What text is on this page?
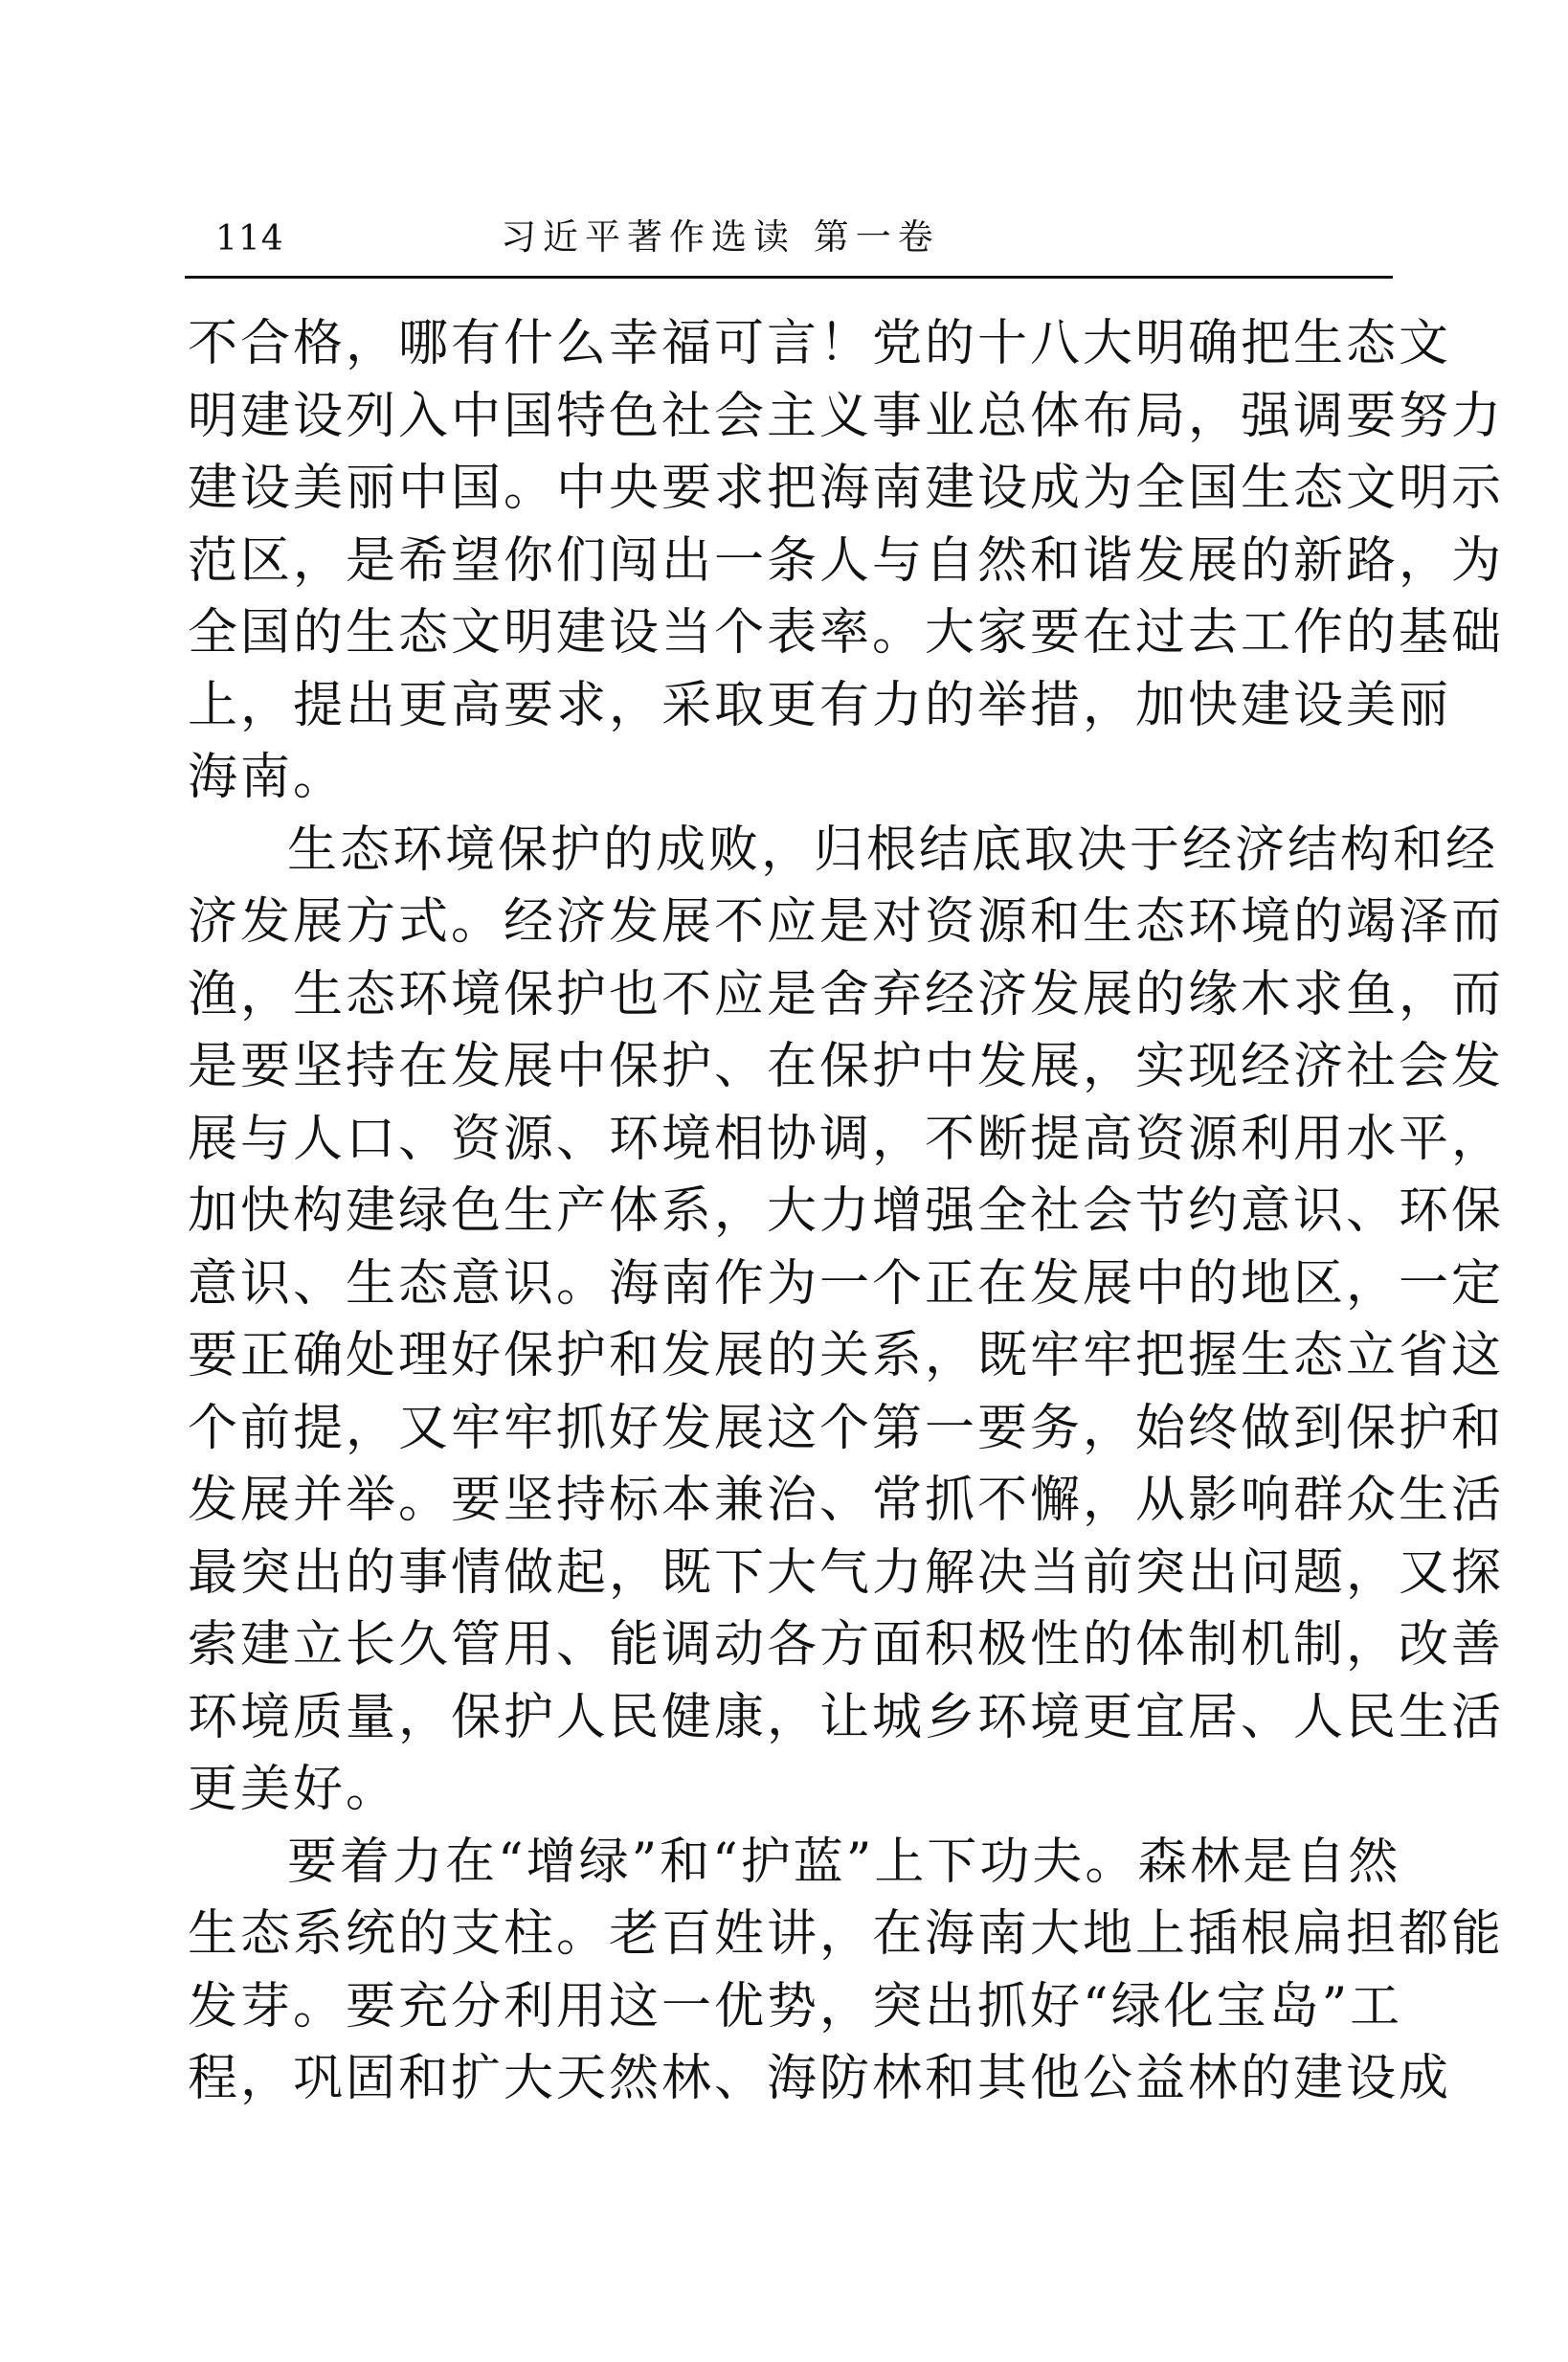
114	习近平著作选读 第一卷

不合格，哪有什么幸福可言！党的十八大明确把生态文
明建设列入中国特色社会主义事业总体布局，强调要努力
建设美丽中国。中央要求把海南建设成为全国生态文明示
范区，是希望你们闯出一条人与自然和谐发展的新路，为
全国的生态文明建设当个表率。大家要在过去工作的基础
上，提出更高要求，采取更有力的举措，加快建设美丽
海南。

生态环境保护的成败，归根结底取决于经济结构和经
济发展方式。经济发展不应是对资源和生态环境的竭泽而
渔，生态环境保护也不应是舍弃经济发展的缘木求鱼，而
是要坚持在发展中保护、在保护中发展，实现经济社会发
展与人口、资源、环境相协调，不断提高资源利用水平，
加快构建绿色生产体系，大力增强全社会节约意识、环保
意识、生态意识。海南作为一个正在发展中的地区，一定
要正确处理好保护和发展的关系，既牢牢把握生态立省这
个前提，又牢牢抓好发展这个第一要务，始终做到保护和
发展并举。要坚持标本兼治、常抓不懈，从影响群众生活
最突出的事情做起，既下大气力解决当前突出问题，又探
索建立长久管用、能调动各方面积极性的体制机制，改善
环境质量，保护人民健康，让城乡环境更宜居、人民生活
更美好。

要着力在“增绿”和“护蓝”上下功夫。森林是自然
生态系统的支柱。老百姓讲，在海南大地上插根扁担都能
发芽。要充分利用这一优势，突出抓好“绿化宝岛”工
程，巩固和扩大天然林、海防林和其他公益林的建设成
